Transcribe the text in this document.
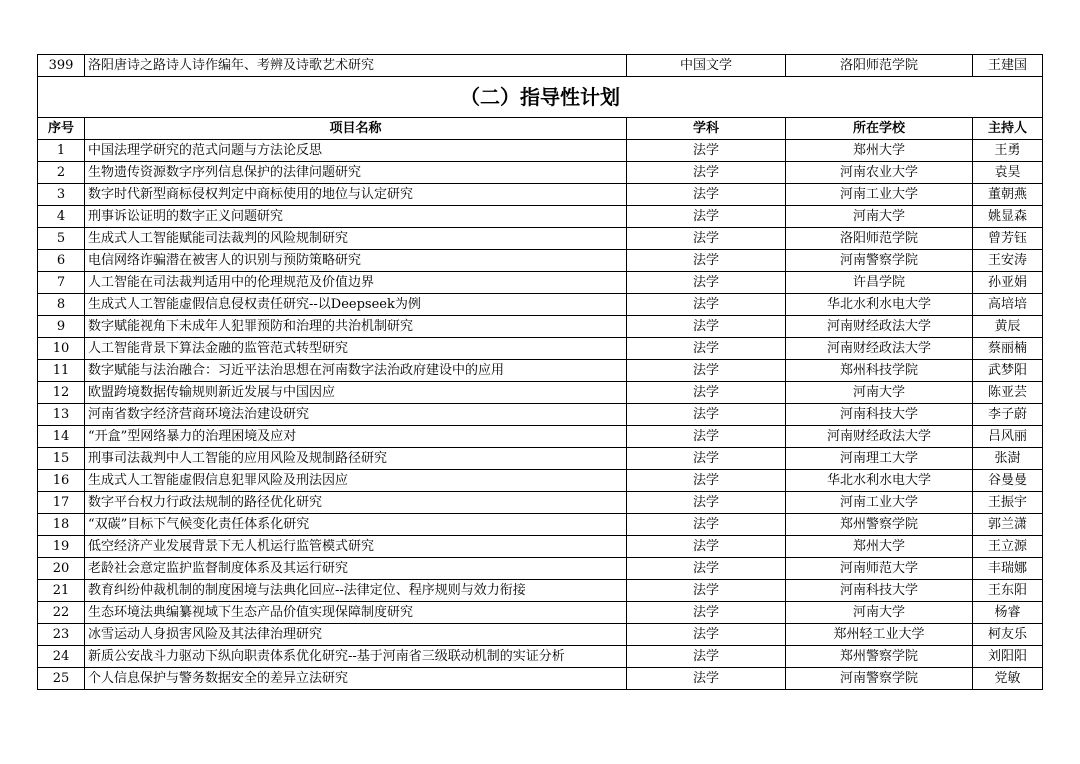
399	洛阳唐诗之路诗人诗作编年、考辨及诗歌艺术研究	中国文学	洛阳师范学院	王建国
（二）指导性计划				
序号	项目名称	学科	所在学校	主持人
1	中国法理学研究的范式问题与方法论反思	法学	郑州大学	王勇
2	生物遗传资源数字序列信息保护的法律问题研究	法学	河南农业大学	袁昊
3	数字时代新型商标侵权判定中商标使用的地位与认定研究	法学	河南工业大学	董朝燕
4	刑事诉讼证明的数字正义问题研究	法学	河南大学	姚显森
5	生成式人工智能赋能司法裁判的风险规制研究	法学	洛阳师范学院	曾芳钰
6	电信网络诈骗潜在被害人的识别与预防策略研究	法学	河南警察学院	王安涛
7	人工智能在司法裁判适用中的伦理规范及价值边界	法学	许昌学院	孙亚娟
8	生成式人工智能虚假信息侵权责任研究--以Deepseek为例	法学	华北水利水电大学	高培培
9	数字赋能视角下未成年人犯罪预防和治理的共治机制研究	法学	河南财经政法大学	黄辰
10	人工智能背景下算法金融的监管范式转型研究	法学	河南财经政法大学	蔡丽楠
11	数字赋能与法治融合：习近平法治思想在河南数字法治政府建设中的应用	法学	郑州科技学院	武梦阳
12	欧盟跨境数据传输规则新近发展与中国因应	法学	河南大学	陈亚芸
13	河南省数字经济营商环境法治建设研究	法学	河南科技大学	李子蔚
14	“开盒”型网络暴力的治理困境及应对	法学	河南财经政法大学	吕风丽
15	刑事司法裁判中人工智能的应用风险及规制路径研究	法学	河南理工大学	张澍
16	生成式人工智能虚假信息犯罪风险及刑法因应	法学	华北水利水电大学	谷曼曼
17	数字平台权力行政法规制的路径优化研究	法学	河南工业大学	王振宇
18	“双碳”目标下气候变化责任体系化研究	法学	郑州警察学院	郭兰潇
19	低空经济产业发展背景下无人机运行监管模式研究	法学	郑州大学	王立源
20	老龄社会意定监护监督制度体系及其运行研究	法学	河南师范大学	丰瑞娜
21	教育纠纷仲裁机制的制度困境与法典化回应--法律定位、程序规则与效力衔接	法学	河南科技大学	王东阳
22	生态环境法典编纂视域下生态产品价值实现保障制度研究	法学	河南大学	杨睿
23	冰雪运动人身损害风险及其法律治理研究	法学	郑州轻工业大学	柯友乐
24	新质公安战斗力驱动下纵向职责体系优化研究--基于河南省三级联动机制的实证分析	法学	郑州警察学院	刘阳阳
25	个人信息保护与警务数据安全的差异立法研究	法学	河南警察学院	党敏
